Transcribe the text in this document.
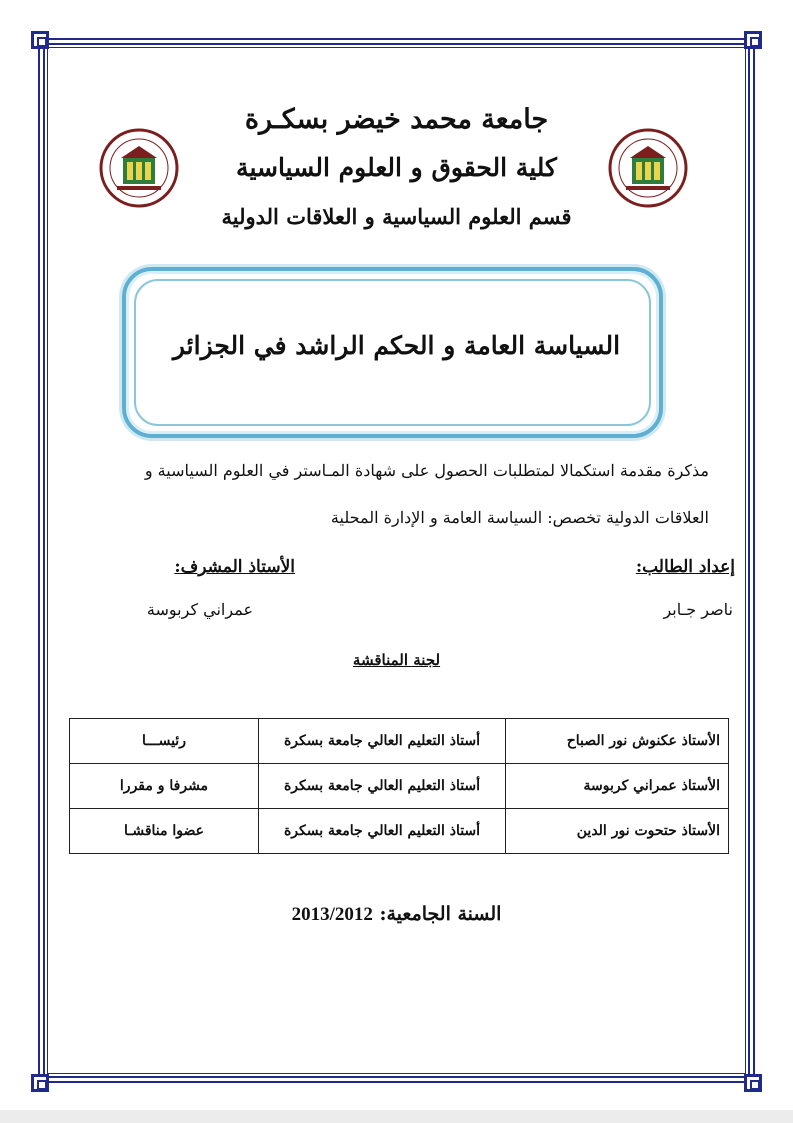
جامعة محمد خيضر بسكـرة
كلية الحقوق و العلوم السياسية
قسم العلوم السياسية و العلاقات الدولية
السياسة العامة و الحكم الراشد في الجزائر
مذكرة مقدمة استكمالا لمتطلبات الحصول على شهادة المـاستر في العلوم السياسية و
العلاقات الدولية تخصص: السياسة العامة و الإدارة المحلية
إعداد الطالب:
الأستاذ المشرف:
ناصر جـابر
عمراني كربوسة
لجنة المناقشة
الأستاذ عكنوش نور الصباح	أستاذ التعليم العالي جامعة بسكرة	رئيســـا
الأستاذ عمراني كربوسة	أستاذ التعليم العالي جامعة بسكرة	مشرفا و مقررا
الأستاذ حتحوت نور الدين	أستاذ التعليم العالي جامعة بسكرة	عضوا مناقشـا
السنة الجامعية: 2013/2012
